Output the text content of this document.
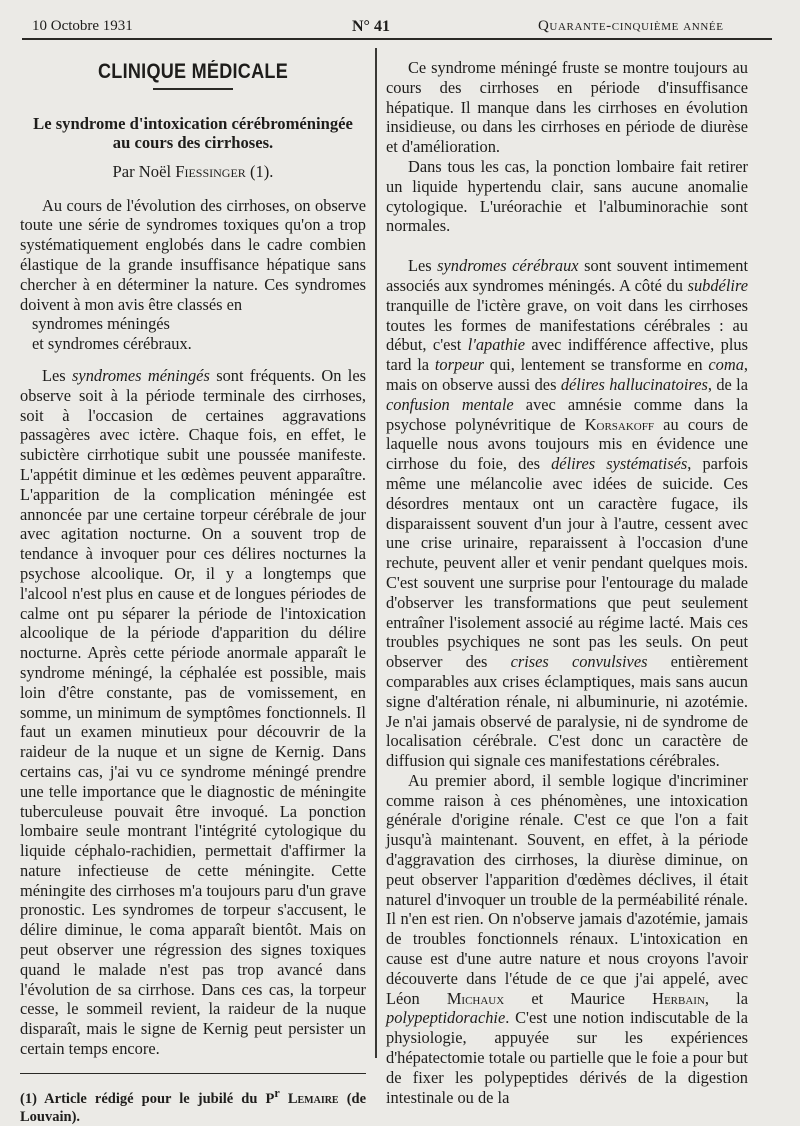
10 Octobre 1931	N° 41	Quarante-cinquième année
CLINIQUE MÉDICALE
Le syndrome d'intoxication cérébroméningée
au cours des cirrhoses.
Par Noël Fiessinger (1).

Au cours de l'évolution des cirrhoses, on observe toute une série de syndromes toxiques qu'on a trop systématiquement englobés dans le cadre combien élastique de la grande insuffisance hépatique sans chercher à en déterminer la nature. Ces syndromes doivent à mon avis être classés en

syndromes méningés

et syndromes cérébraux.

Les syndromes méningés sont fréquents. On les observe soit à la période terminale des cirrhoses, soit à l'occasion de certaines aggravations passagères avec ictère. Chaque fois, en effet, le subictère cirrhotique subit une poussée manifeste. L'appétit diminue et les œdèmes peuvent apparaître. L'apparition de la complication méningée est annoncée par une certaine torpeur cérébrale de jour avec agitation nocturne. On a souvent trop de tendance à invoquer pour ces délires nocturnes la psychose alcoolique. Or, il y a longtemps que l'alcool n'est plus en cause et de longues périodes de calme ont pu séparer la période de l'intoxication alcoolique de la période d'apparition du délire nocturne. Après cette période anormale apparaît le syndrome méningé, la céphalée est possible, mais loin d'être constante, pas de vomissement, en somme, un minimum de symptômes fonctionnels. Il faut un examen minutieux pour découvrir de la raideur de la nuque et un signe de Kernig. Dans certains cas, j'ai vu ce syndrome méningé prendre une telle importance que le diagnostic de méningite tuberculeuse pouvait être invoqué. La ponction lombaire seule montrant l'intégrité cytologique du liquide céphalo-rachidien, permettait d'affirmer la nature infectieuse de cette méningite. Cette méningite des cirrhoses m'a toujours paru d'un grave pronostic. Les syndromes de torpeur s'accusent, le délire diminue, le coma apparaît bientôt. Mais on peut observer une régression des signes toxiques quand le malade n'est pas trop avancé dans l'évolution de sa cirrhose. Dans ces cas, la torpeur cesse, le sommeil revient, la raideur de la nuque disparaît, mais le signe de Kernig peut persister un certain temps encore.

(1) Article rédigé pour le jubilé du $P^r$ Lemaire (de Louvain).

Ce syndrome méningé fruste se montre toujours au cours des cirrhoses en période d'insuffisance hépatique. Il manque dans les cirrhoses en évolution insidieuse, ou dans les cirrhoses en période de diurèse et d'amélioration.

Dans tous les cas, la ponction lombaire fait retirer un liquide hypertendu clair, sans aucune anomalie cytologique. L'uréorachie et l'albuminorachie sont normales.

Les syndromes cérébraux sont souvent intimement associés aux syndromes méningés. A côté du subdélire tranquille de l'ictère grave, on voit dans les cirrhoses toutes les formes de manifestations cérébrales : au début, c'est l'apathie avec indifférence affective, plus tard la torpeur qui, lentement se transforme en coma, mais on observe aussi des délires hallucinatoires, de la confusion mentale avec amnésie comme dans la psychose polynévritique de Korsakoff au cours de laquelle nous avons toujours mis en évidence une cirrhose du foie, des délires systématisés, parfois même une mélancolie avec idées de suicide. Ces désordres mentaux ont un caractère fugace, ils disparaissent souvent d'un jour à l'autre, cessent avec une crise urinaire, reparaissent à l'occasion d'une rechute, peuvent aller et venir pendant quelques mois. C'est souvent une surprise pour l'entourage du malade d'observer les transformations que peut seulement entraîner l'isolement associé au régime lacté. Mais ces troubles psychiques ne sont pas les seuls. On peut observer des crises convulsives entièrement comparables aux crises éclamptiques, mais sans aucun signe d'altération rénale, ni albuminurie, ni azotémie. Je n'ai jamais observé de paralysie, ni de syndrome de localisation cérébrale. C'est donc un caractère de diffusion qui signale ces manifestations cérébrales.

Au premier abord, il semble logique d'incriminer comme raison à ces phénomènes, une intoxication générale d'origine rénale. C'est ce que l'on a fait jusqu'à maintenant. Souvent, en effet, à la période d'aggravation des cirrhoses, la diurèse diminue, on peut observer l'apparition d'œdèmes déclives, il était naturel d'invoquer un trouble de la perméabilité rénale. Il n'en est rien. On n'observe jamais d'azotémie, jamais de troubles fonctionnels rénaux. L'intoxication en cause est d'une autre nature et nous croyons l'avoir découverte dans l'étude de ce que j'ai appelé, avec Léon Michaux et Maurice Herbain, la polypeptidorachie. C'est une notion indiscutable de la physiologie, appuyée sur les expériences d'hépatectomie totale ou partielle que le foie a pour but de fixer les polypeptides dérivés de la digestion intestinale ou de la
